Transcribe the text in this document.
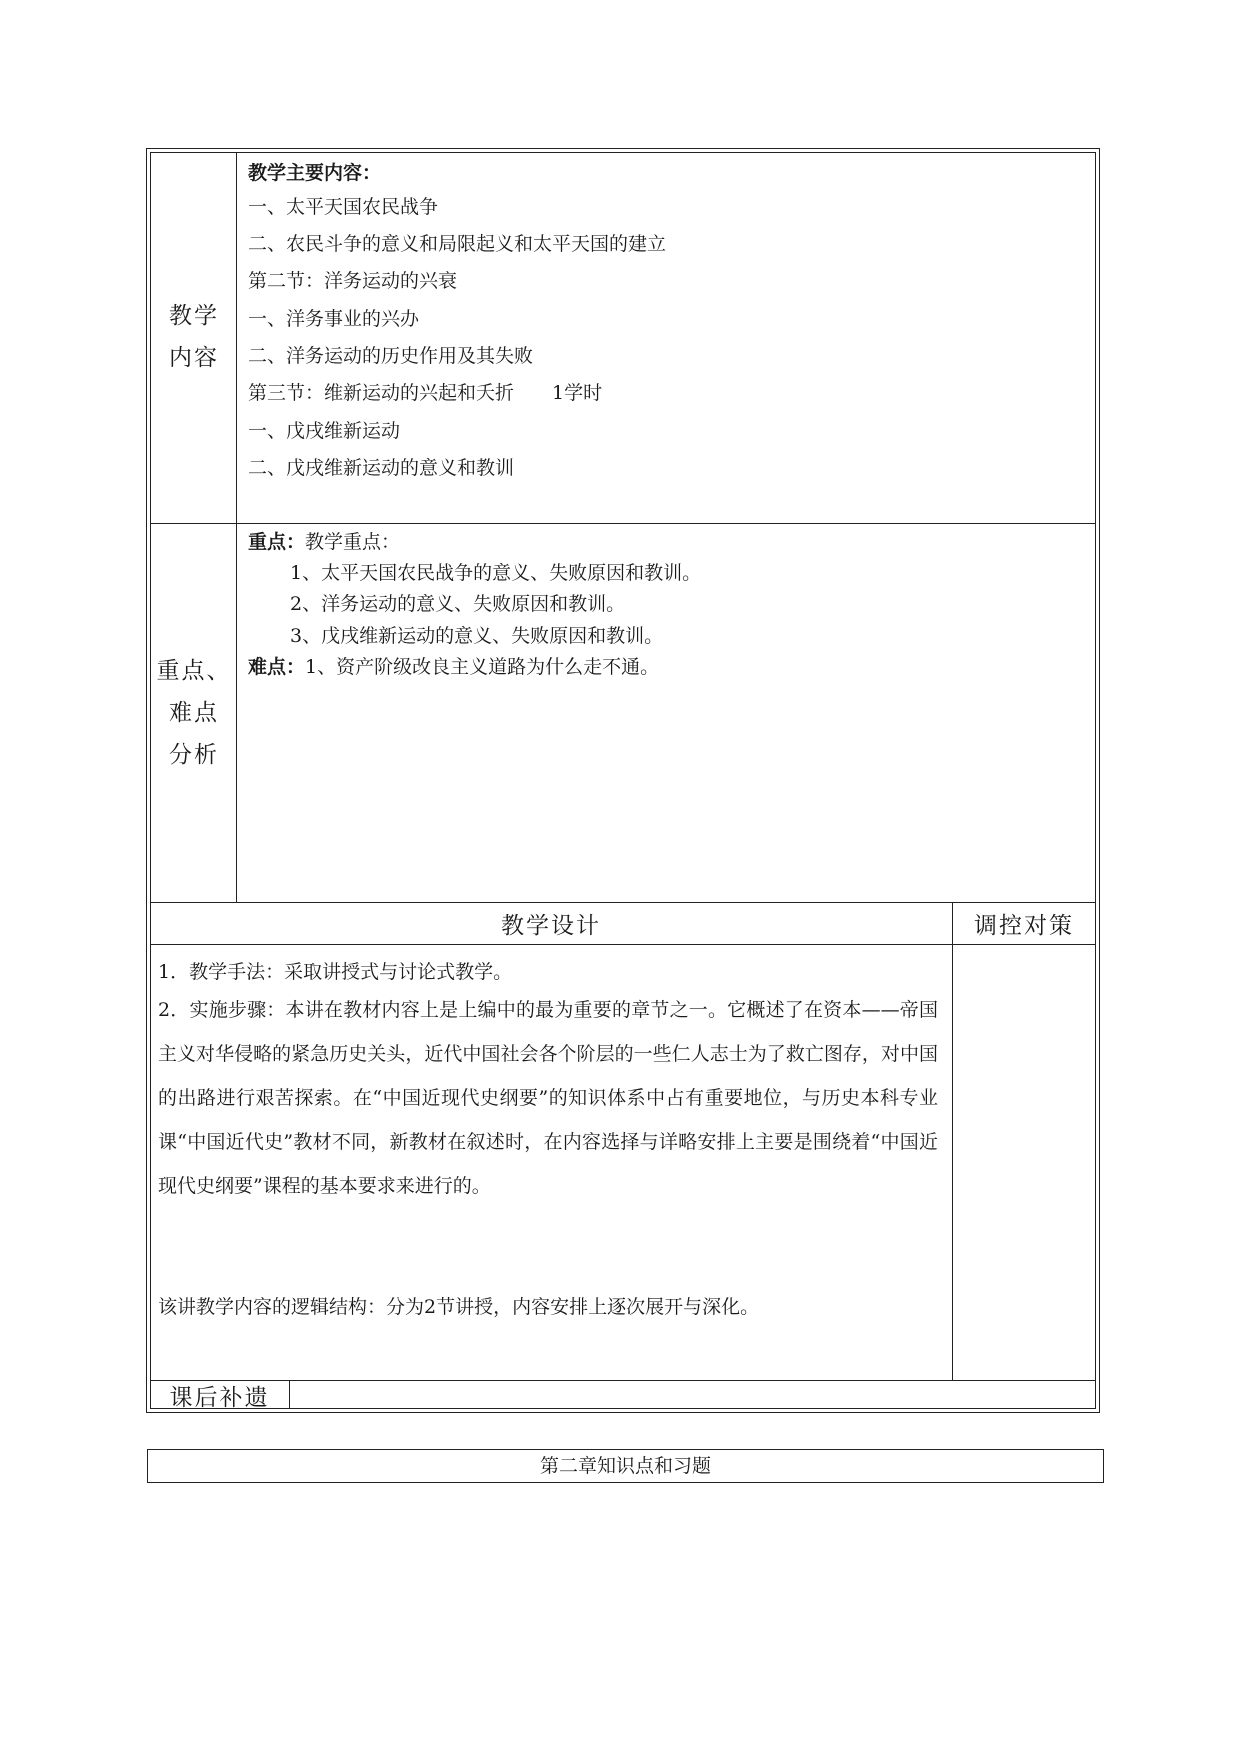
教学
内容
教学主要内容：
一、太平天国农民战争
二、农民斗争的意义和局限起义和太平天国的建立
第二节：洋务运动的兴衰
一、洋务事业的兴办
二、洋务运动的历史作用及其失败
第三节：维新运动的兴起和夭折　　1学时
一、戊戌维新运动
二、戊戌维新运动的意义和教训
重点、
难点
分析
重点：教学重点：
1、太平天国农民战争的意义、失败原因和教训。
2、洋务运动的意义、失败原因和教训。
3、戊戌维新运动的意义、失败原因和教训。
难点：1、资产阶级改良主义道路为什么走不通。
教学设计	调控对策
1．教学手法：采取讲授式与讨论式教学。
2．实施步骤：本讲在教材内容上是上编中的最为重要的章节之一。它概述了在资本——帝国主义对华侵略的紧急历史关头，近代中国社会各个阶层的一些仁人志士为了救亡图存，对中国的出路进行艰苦探索。在“中国近现代史纲要”的知识体系中占有重要地位，与历史本科专业课“中国近代史”教材不同，新教材在叙述时，在内容选择与详略安排上主要是围绕着“中国近现代史纲要”课程的基本要求来进行的。
该讲教学内容的逻辑结构：分为2节讲授，内容安排上逐次展开与深化。
课后补遗
第二章知识点和习题
